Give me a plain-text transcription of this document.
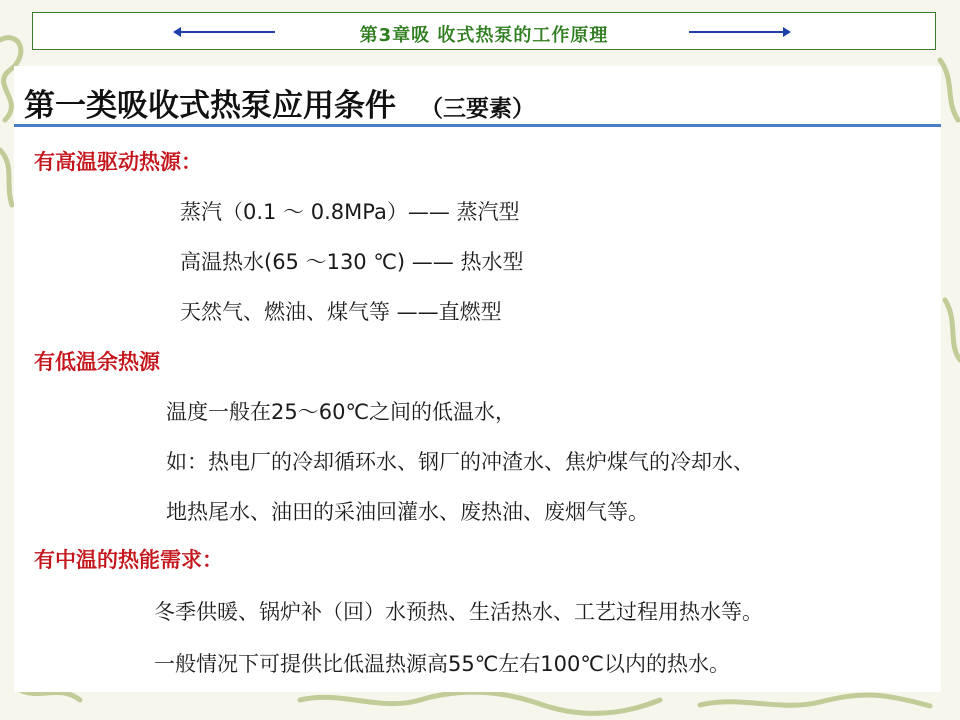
第3章吸 收式热泵的工作原理
第一类吸收式热泵应用条件 （三要素）
有高温驱动热源：
蒸汽（0.1 ～ 0.8MPa）—— 蒸汽型
高温热水(65 ～130 ℃) —— 热水型
天然气、燃油、煤气等 ——直燃型
有低温余热源
温度一般在25～60℃之间的低温水，
如：热电厂的冷却循环水、钢厂的冲渣水、焦炉煤气的冷却水、
地热尾水、油田的采油回灌水、废热油、废烟气等。
有中温的热能需求：
冬季供暖、锅炉补（回）水预热、生活热水、工艺过程用热水等。
一般情况下可提供比低温热源高55℃左右100℃以内的热水。
